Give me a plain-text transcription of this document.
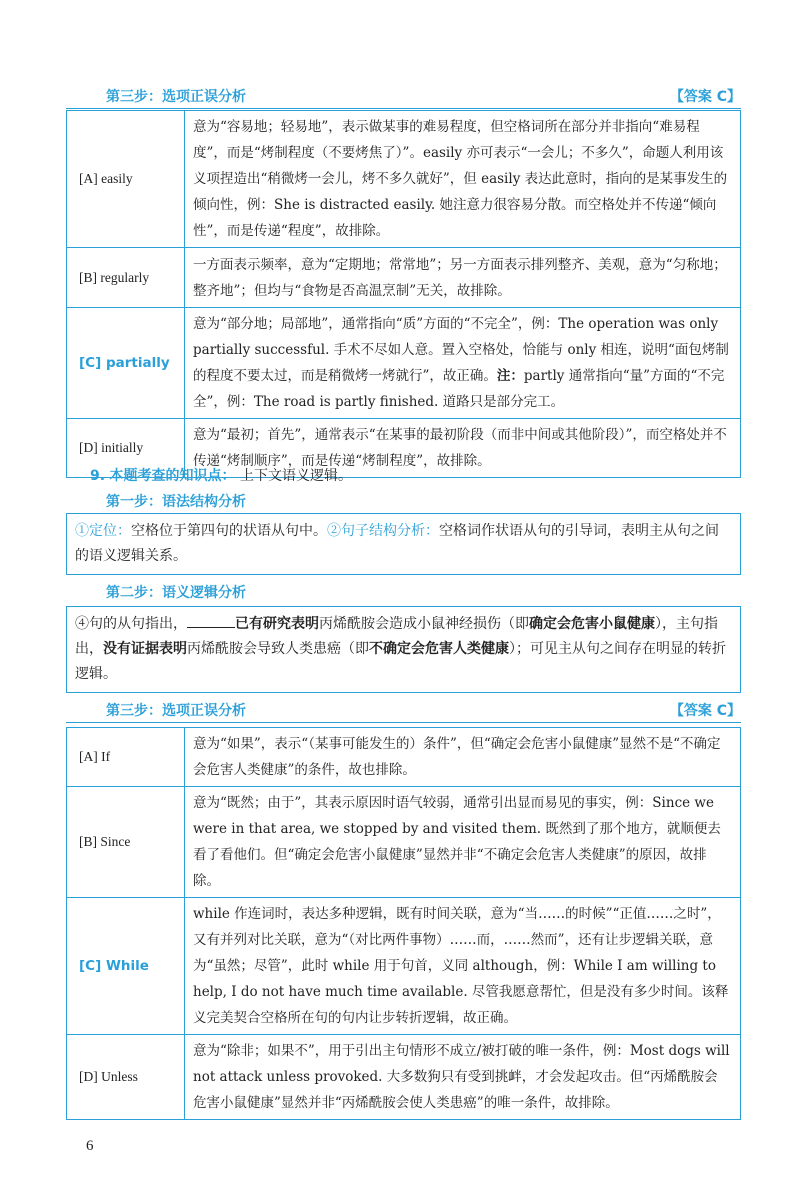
第三步：选项正误分析	【答案 C】
[A] easily	意为“容易地；轻易地”，表示做某事的难易程度，但空格词所在部分并非指向“难易程度”，而是“烤制程度（不要烤焦了）”。easily 亦可表示“一会儿；不多久”，命题人利用该义项捏造出“稍微烤一会儿，烤不多久就好”，但 easily 表达此意时，指向的是某事发生的倾向性，例：She is distracted easily. 她注意力很容易分散。而空格处并不传递“倾向性”，而是传递“程度”，故排除。
[B] regularly	一方面表示频率，意为“定期地；常常地”；另一方面表示排列整齐、美观，意为“匀称地；整齐地”；但均与“食物是否高温烹制”无关，故排除。
[C] partially	意为“部分地；局部地”，通常指向“质”方面的“不完全”，例：The operation was only partially successful. 手术不尽如人意。置入空格处，恰能与 only 相连，说明“面包烤制的程度不要太过，而是稍微烤一烤就行”，故正确。注：partly 通常指向“量”方面的“不完全”，例：The road is partly finished. 道路只是部分完工。
[D] initially	意为“最初；首先”，通常表示“在某事的最初阶段（而非中间或其他阶段）”，而空格处并不传递“烤制顺序”，而是传递“烤制程度”，故排除。
9. 本题考查的知识点： 上下文语义逻辑。
第一步：语法结构分析
①定位：空格位于第四句的状语从句中。②句子结构分析：空格词作状语从句的引导词，表明主从句之间的语义逻辑关系。
第二步：语义逻辑分析
④句的从句指出，	已有研究表明丙烯酰胺会造成小鼠神经损伤（即确定会危害小鼠健康），主句指出，没有证据表明丙烯酰胺会导致人类患癌（即不确定会危害人类健康）；可见主从句之间存在明显的转折逻辑。
第三步：选项正误分析	【答案 C】
[A] If	意为“如果”，表示“（某事可能发生的）条件”，但“确定会危害小鼠健康”显然不是“不确定会危害人类健康”的条件，故也排除。
[B] Since	意为“既然；由于”，其表示原因时语气较弱，通常引出显而易见的事实，例：Since we were in that area, we stopped by and visited them. 既然到了那个地方，就顺便去看了看他们。但“确定会危害小鼠健康”显然并非“不确定会危害人类健康”的原因，故排除。
[C] While	while 作连词时，表达多种逻辑，既有时间关联，意为“当……的时候”“正值……之时”，又有并列对比关联，意为“（对比两件事物）……而，……然而”，还有让步逻辑关联，意为“虽然；尽管”，此时 while 用于句首，义同 although，例：While I am willing to help, I do not have much time available. 尽管我愿意帮忙，但是没有多少时间。该释义完美契合空格所在句的句内让步转折逻辑，故正确。
[D] Unless	意为“除非；如果不”，用于引出主句情形不成立/被打破的唯一条件，例：Most dogs will not attack unless provoked. 大多数狗只有受到挑衅，才会发起攻击。但“丙烯酰胺会危害小鼠健康”显然并非“丙烯酰胺会使人类患癌”的唯一条件，故排除。
6
